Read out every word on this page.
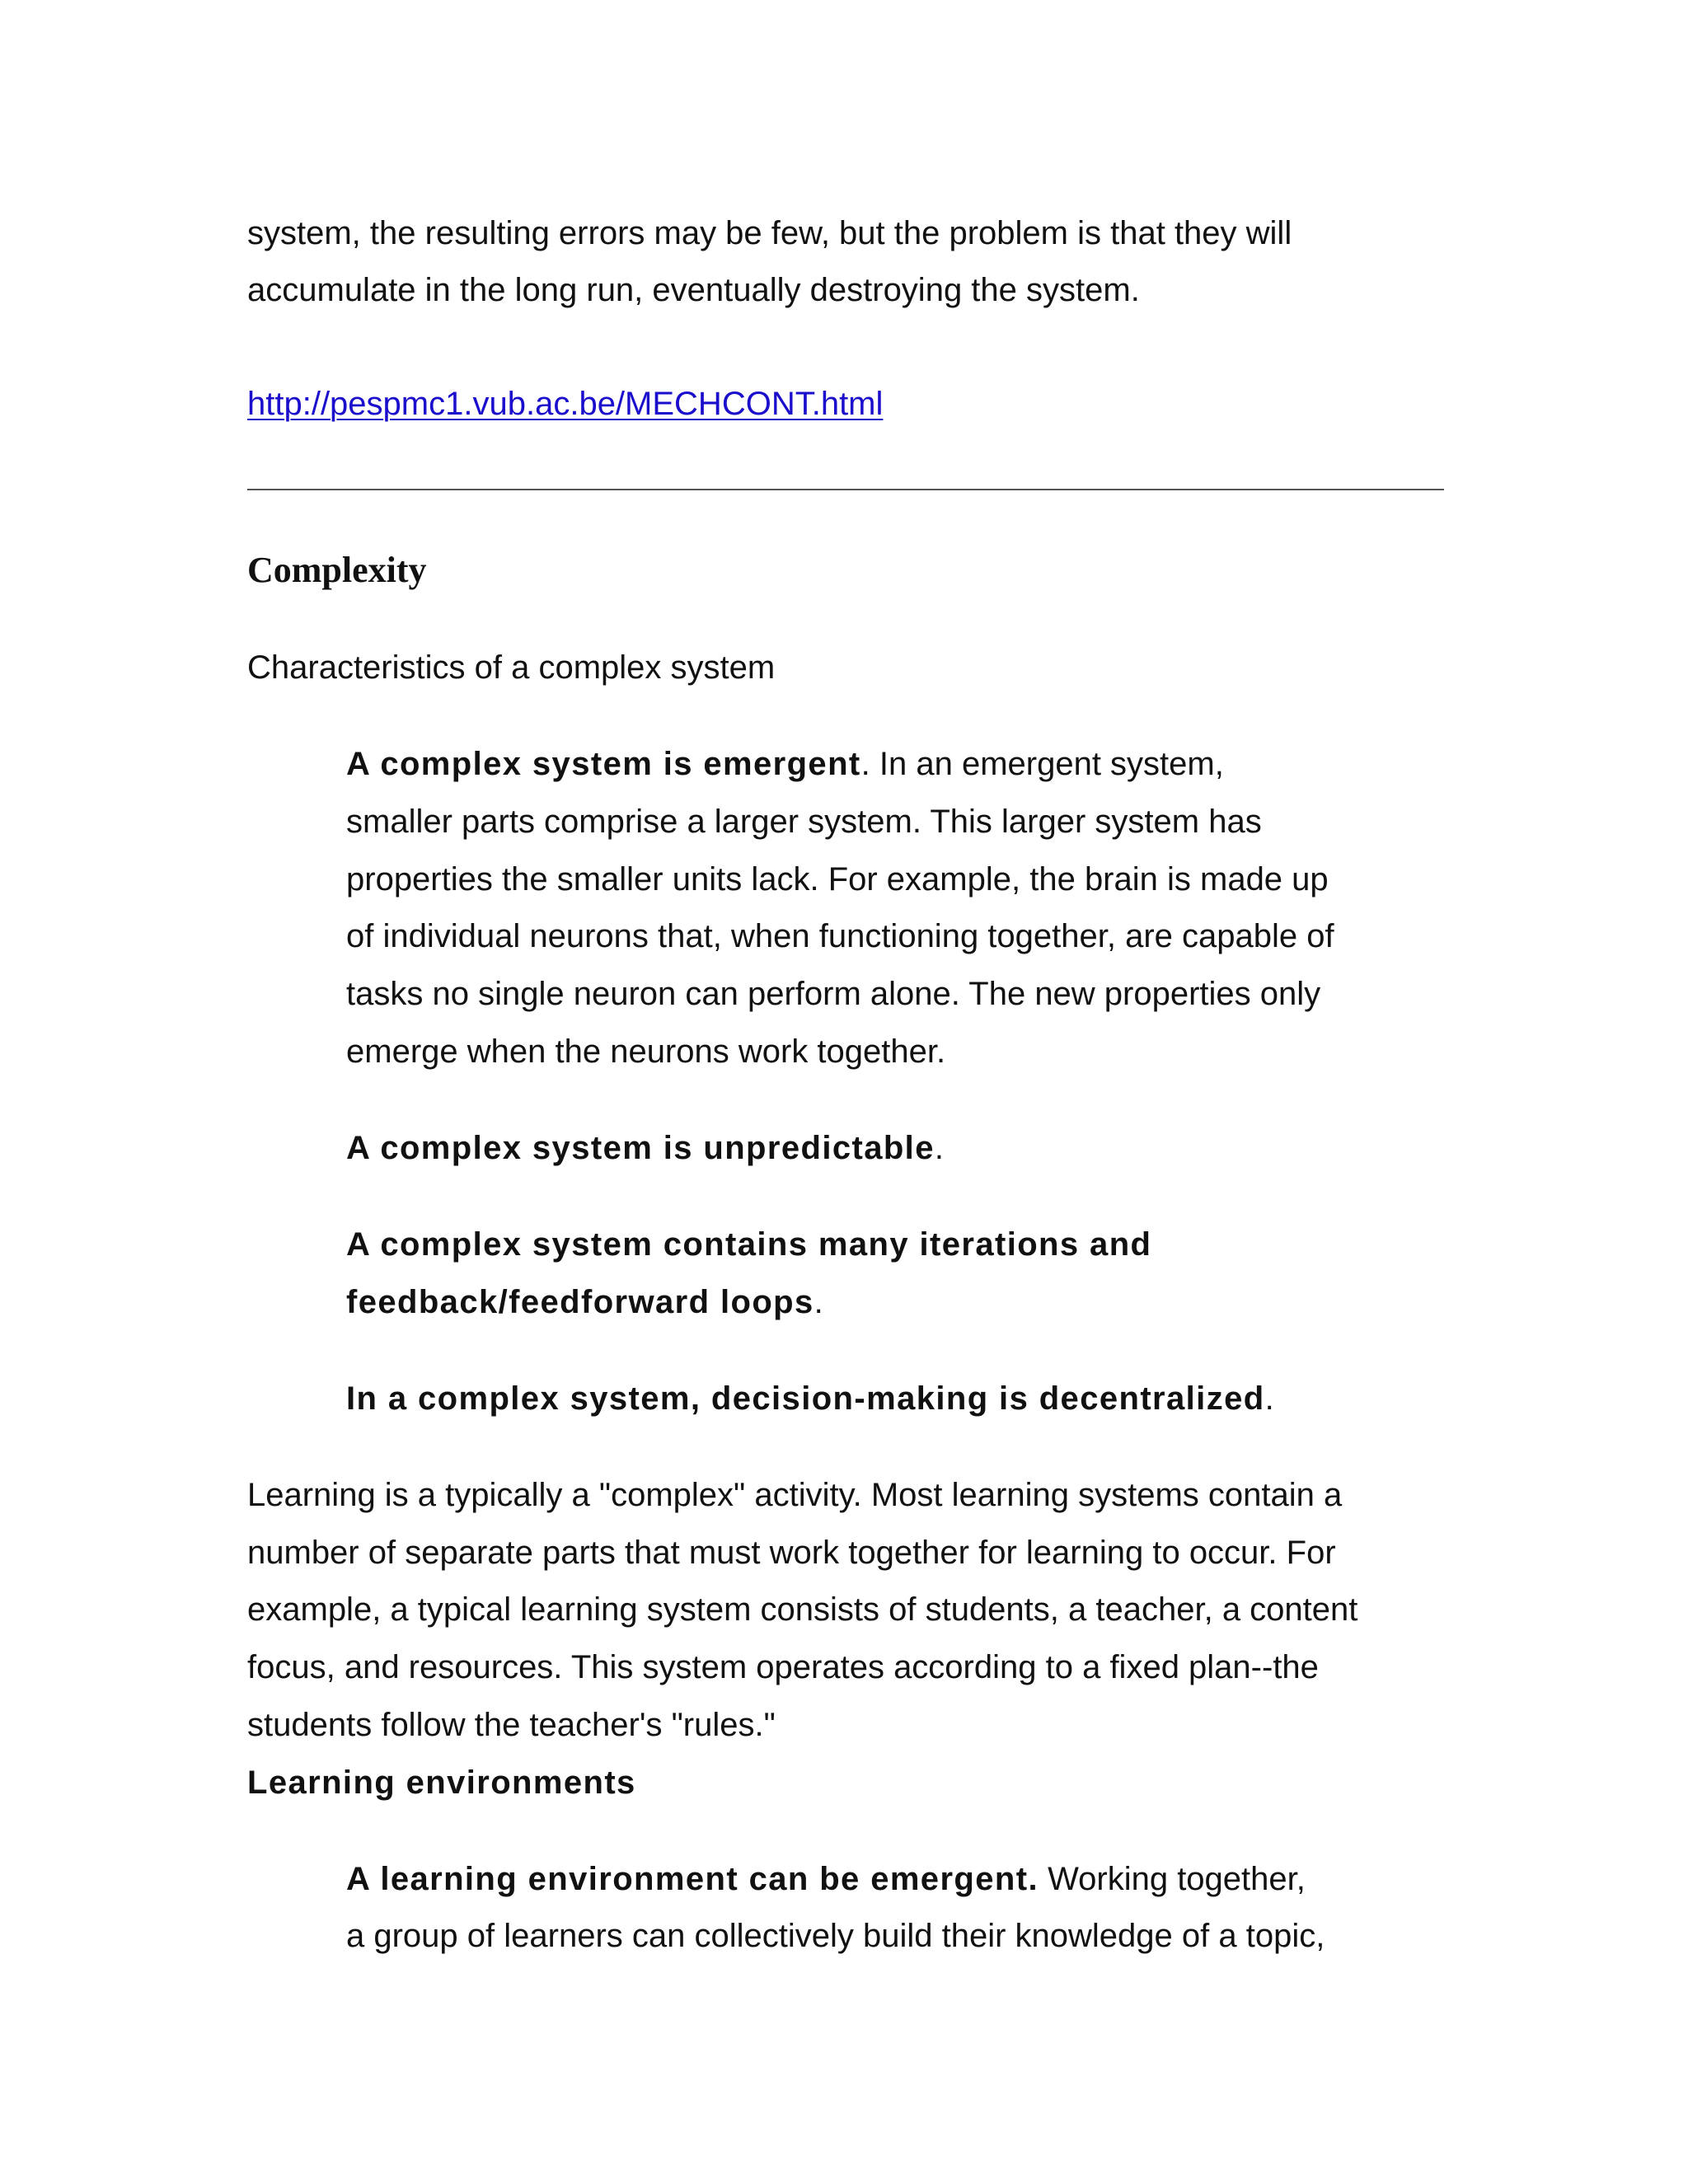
system, the resulting errors may be few, but the problem is that they will
accumulate in the long run, eventually destroying the system.
http://pespmc1.vub.ac.be/MECHCONT.html
Complexity
Characteristics of a complex system
A complex system is emergent. In an emergent system,
smaller parts comprise a larger system. This larger system has
properties the smaller units lack. For example, the brain is made up
of individual neurons that, when functioning together, are capable of
tasks no single neuron can perform alone. The new properties only
emerge when the neurons work together.
A complex system is unpredictable.
A complex system contains many iterations and
feedback/feedforward loops.
In a complex system, decision-making is decentralized.
Learning is a typically a "complex" activity. Most learning systems contain a
number of separate parts that must work together for learning to occur. For
example, a typical learning system consists of students, a teacher, a content
focus, and resources. This system operates according to a fixed plan--the
students follow the teacher's "rules."
Learning environments
A learning environment can be emergent. Working together,
a group of learners can collectively build their knowledge of a topic,
